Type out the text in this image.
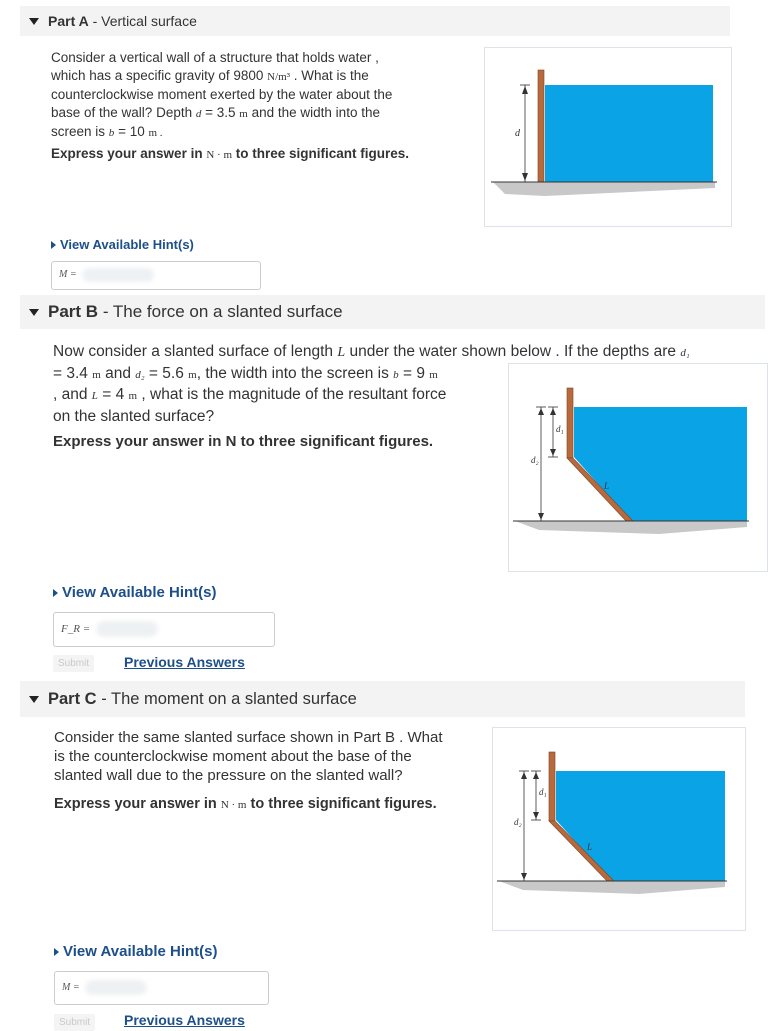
Part A - Vertical surface
Consider a vertical wall of a structure that holds water ,
which has a specific gravity of 9800 N/m³ . What is the
counterclockwise moment exerted by the water about the
base of the wall? Depth d = 3.5 m and the width into the
screen is b = 10 m .
Express your answer in N · m to three significant figures.
d
View Available Hint(s)
M =
Part B - The force on a slanted surface
Now consider a slanted surface of length L under the water shown below . If the depths are d₁
= 3.4 m and d₂ = 5.6 m, the width into the screen is b = 9 m
, and L = 4 m , what is the magnitude of the resultant force
on the slanted surface?
Express your answer in N to three significant figures.
d₁
d₂
L
View Available Hint(s)
F_R =
Submit	Previous Answers
Part C - The moment on a slanted surface
Consider the same slanted surface shown in Part B . What
is the counterclockwise moment about the base of the
slanted wall due to the pressure on the slanted wall?
Express your answer in N · m to three significant figures.
d₁
d₂
L
View Available Hint(s)
M =
Submit	Previous Answers
